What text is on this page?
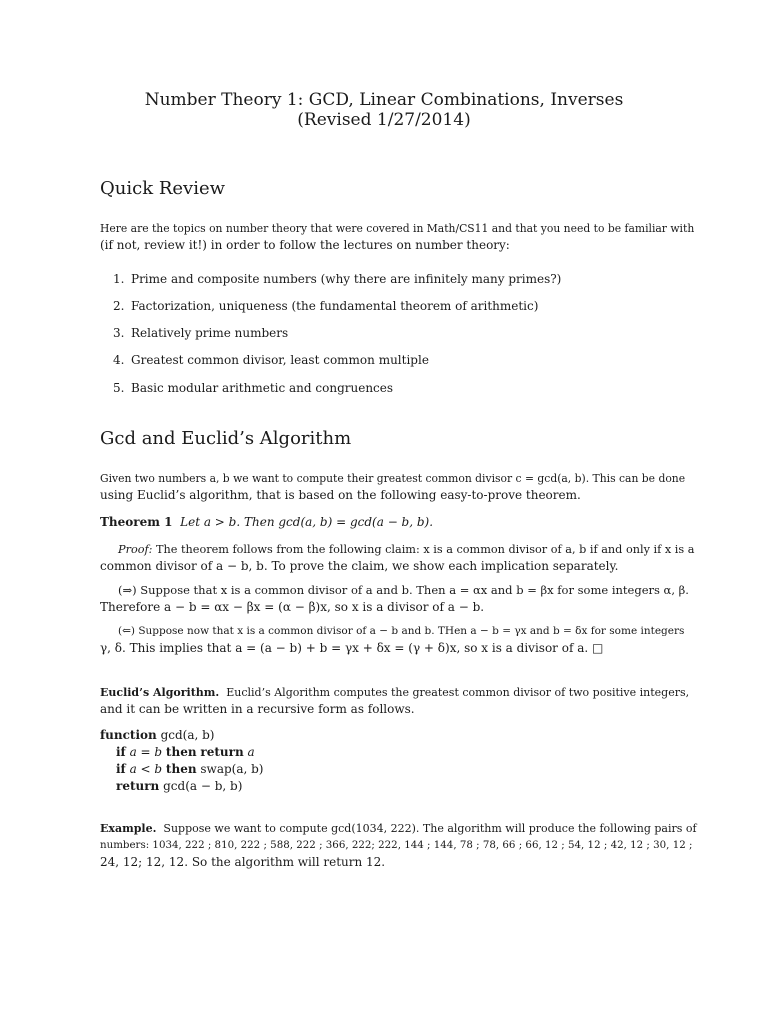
Number Theory 1: GCD, Linear Combinations, Inverses
(Revised 1/27/2014)
Quick Review
Here are the topics on number theory that were covered in Math/CS11 and that you need to be familiar with
(if not, review it!) in order to follow the lectures on number theory:
1. Prime and composite numbers (why there are infinitely many primes?)
2. Factorization, uniqueness (the fundamental theorem of arithmetic)
3. Relatively prime numbers
4. Greatest common divisor, least common multiple
5. Basic modular arithmetic and congruences
Gcd and Euclid’s Algorithm
Given two numbers a, b we want to compute their greatest common divisor c = gcd(a, b). This can be done
using Euclid’s algorithm, that is based on the following easy-to-prove theorem.
Theorem 1 Let a > b. Then gcd(a, b) = gcd(a − b, b).
Proof: The theorem follows from the following claim: x is a common divisor of a, b if and only if x is a
common divisor of a − b, b. To prove the claim, we show each implication separately.
(⇒) Suppose that x is a common divisor of a and b. Then a = αx and b = βx for some integers α, β.
Therefore a − b = αx − βx = (α − β)x, so x is a divisor of a − b.
(⇐) Suppose now that x is a common divisor of a − b and b. THen a − b = γx and b = δx for some integers
γ, δ. This implies that a = (a − b) + b = γx + δx = (γ + δ)x, so x is a divisor of a. □
Euclid’s Algorithm. Euclid’s Algorithm computes the greatest common divisor of two positive integers,
and it can be written in a recursive form as follows.
function gcd(a, b)
if a = b then return a
if a < b then swap(a, b)
return gcd(a − b, b)
Example. Suppose we want to compute gcd(1034, 222). The algorithm will produce the following pairs of
numbers: 1034, 222 ; 810, 222 ; 588, 222 ; 366, 222; 222, 144 ; 144, 78 ; 78, 66 ; 66, 12 ; 54, 12 ; 42, 12 ; 30, 12 ;
24, 12; 12, 12. So the algorithm will return 12.
